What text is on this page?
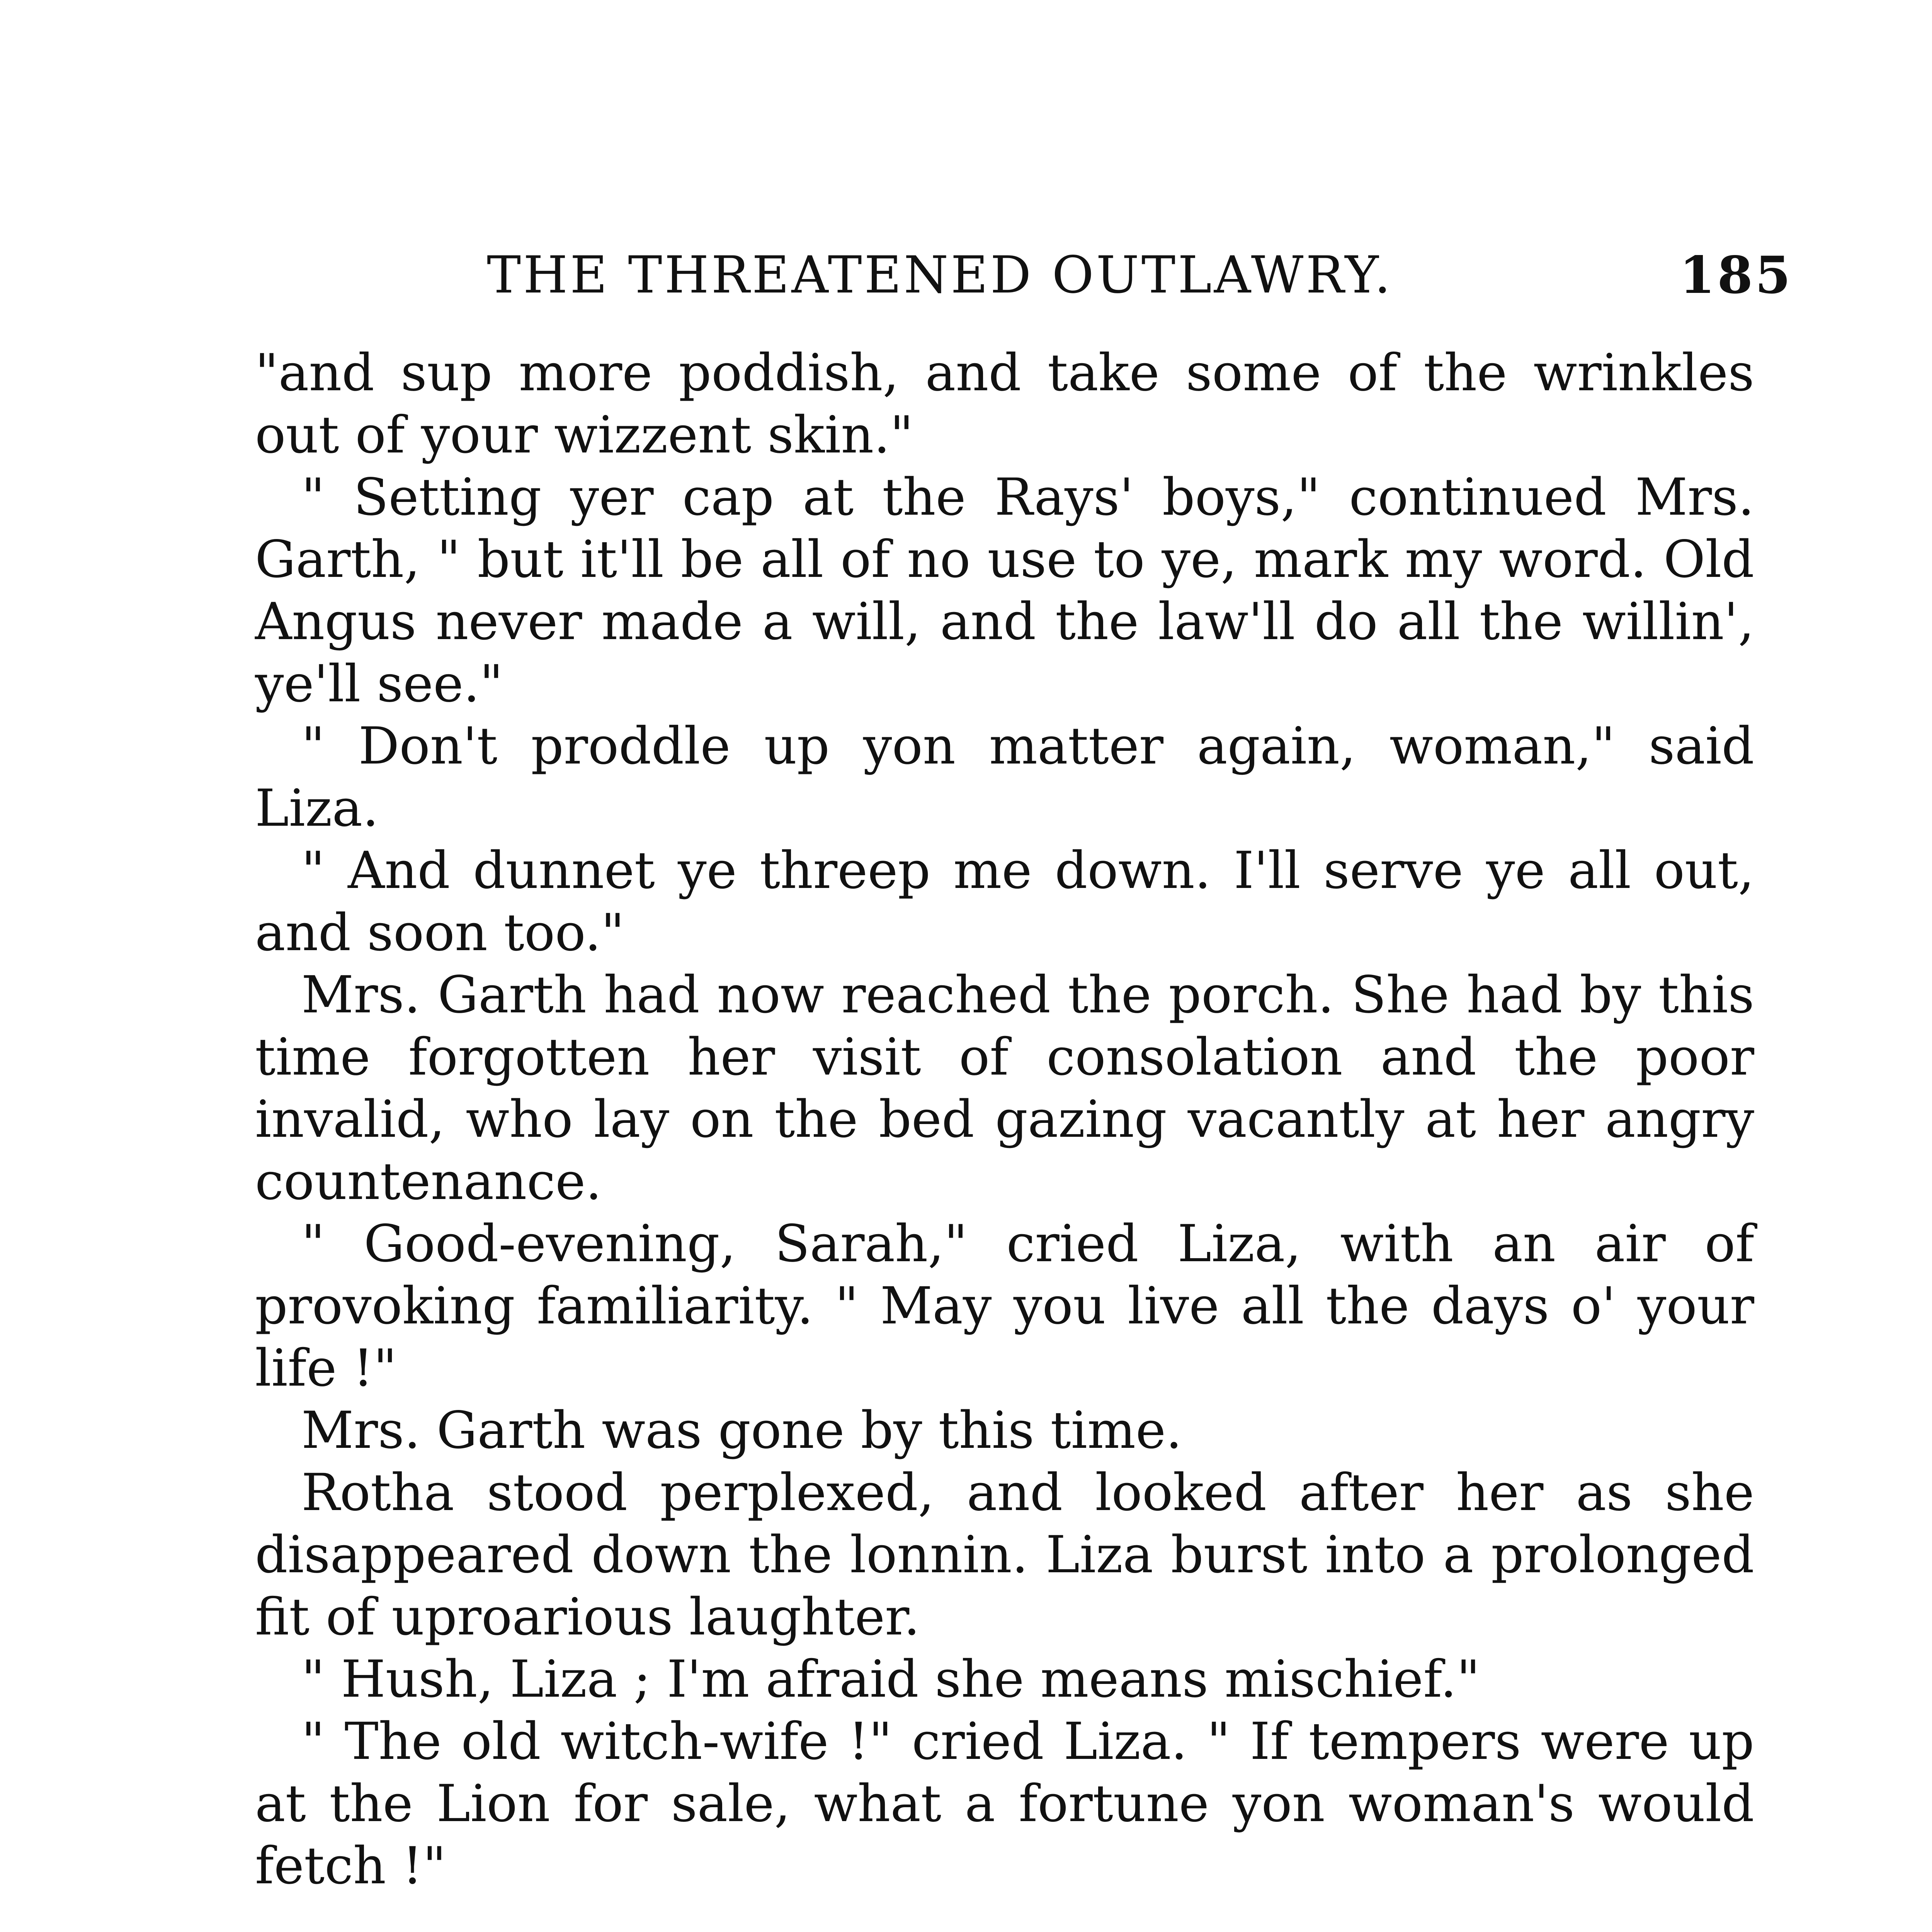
THE THREATENED OUTLAWRY.	185

"and sup more poddish, and take some of the wrinkles out of your wizzent skin."

" Setting yer cap at the Rays' boys," continued Mrs. Garth, " but it'll be all of no use to ye, mark my word. Old Angus never made a will, and the law'll do all the willin', ye'll see."

" Don't proddle up yon matter again, woman," said Liza.

" And dunnet ye threep me down. I'll serve ye all out, and soon too."

Mrs. Garth had now reached the porch. She had by this time forgotten her visit of consolation and the poor invalid, who lay on the bed gazing vacantly at her angry countenance.

" Good-evening, Sarah," cried Liza, with an air of provoking familiarity. " May you live all the days o' your life !"

Mrs. Garth was gone by this time.

Rotha stood perplexed, and looked after her as she disappeared down the lonnin. Liza burst into a prolonged fit of uproarious laughter.

" Hush, Liza ; I'm afraid she means mischief."

" The old witch-wife !" cried Liza. " If tempers were up at the Lion for sale, what a fortune yon woman's would fetch !"
